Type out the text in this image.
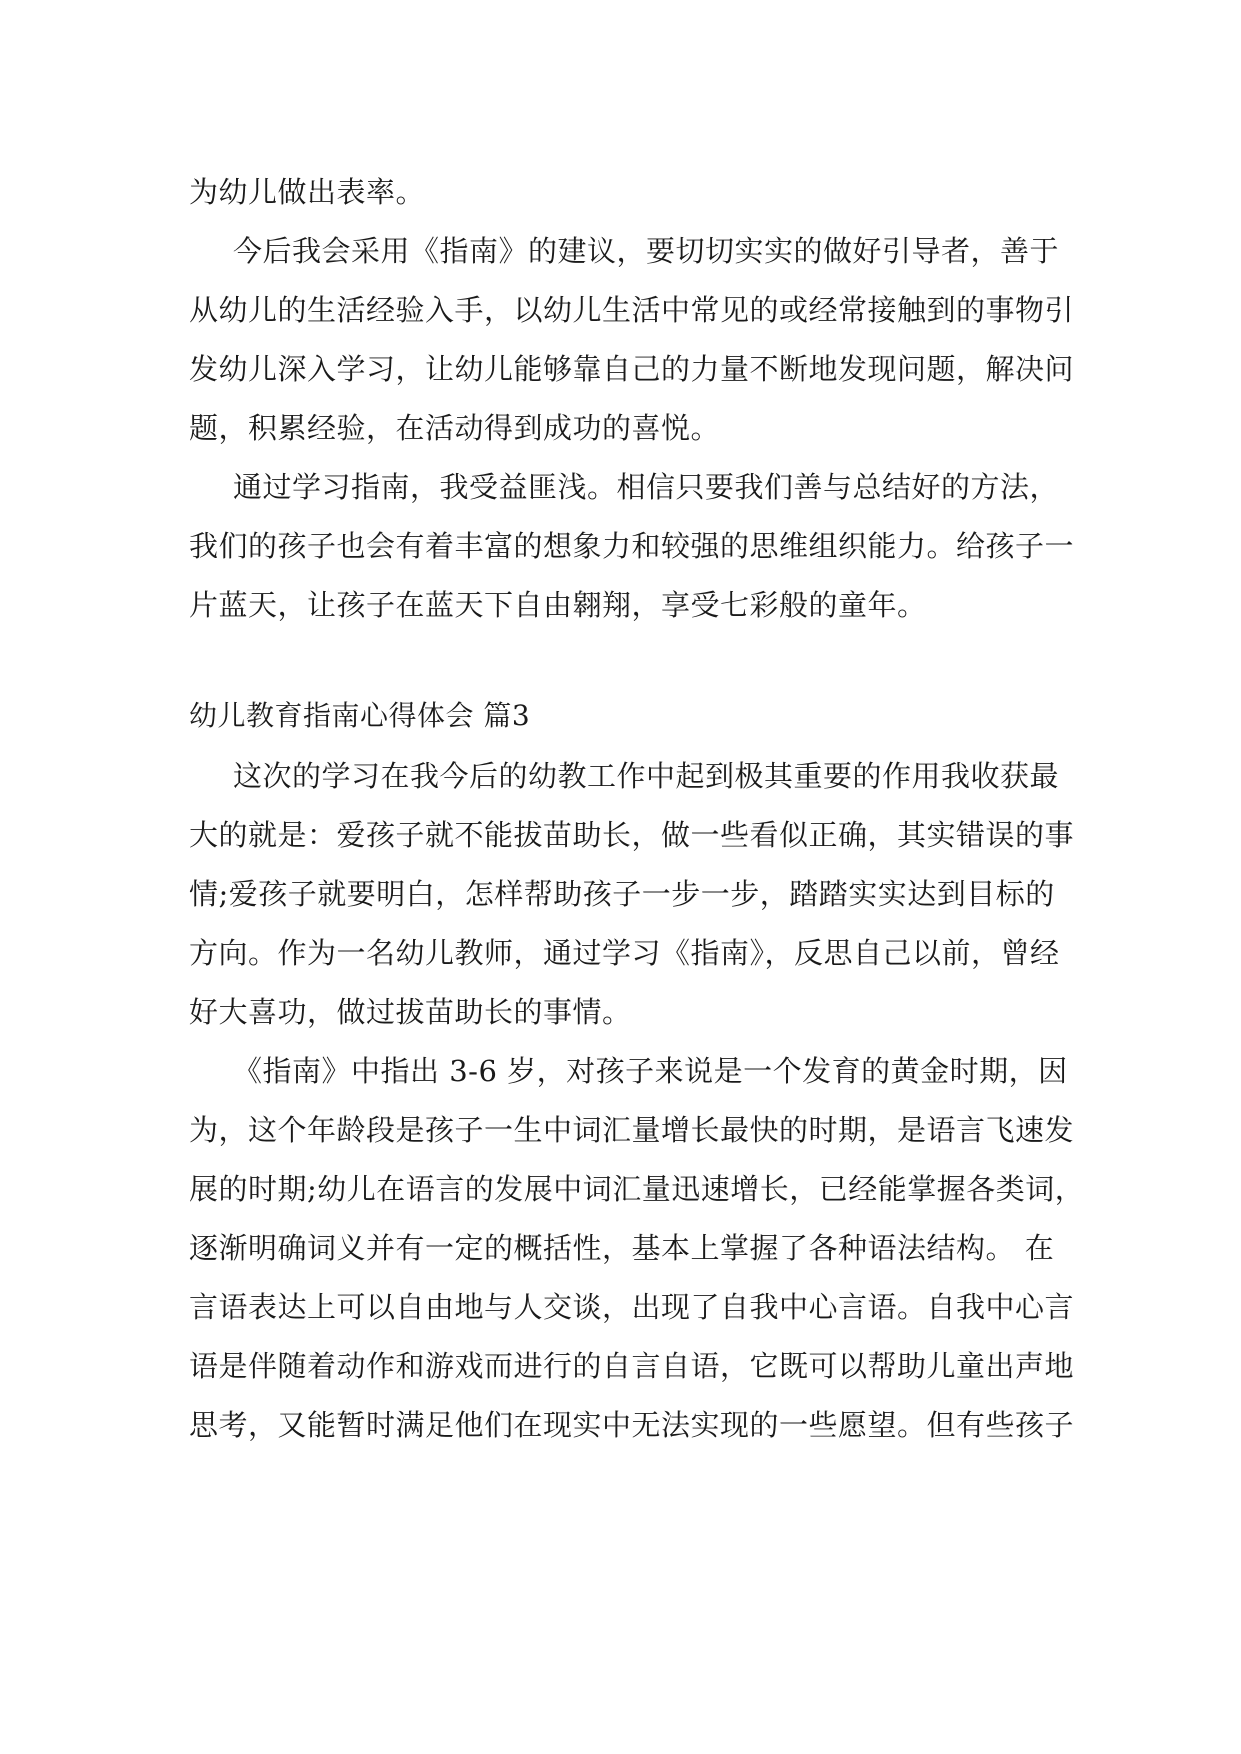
为幼儿做出表率。

今后我会采用《指南》的建议，要切切实实的做好引导者，善于

从幼儿的生活经验入手，以幼儿生活中常见的或经常接触到的事物引

发幼儿深入学习，让幼儿能够靠自己的力量不断地发现问题，解决问

题，积累经验，在活动得到成功的喜悦。

通过学习指南，我受益匪浅。相信只要我们善与总结好的方法，

我们的孩子也会有着丰富的想象力和较强的思维组织能力。给孩子一

片蓝天，让孩子在蓝天下自由翱翔，享受七彩般的童年。

幼儿教育指南心得体会 篇3

这次的学习在我今后的幼教工作中起到极其重要的作用我收获最

大的就是：爱孩子就不能拔苗助长，做一些看似正确，其实错误的事

情;爱孩子就要明白，怎样帮助孩子一步一步，踏踏实实达到目标的

方向。作为一名幼儿教师，通过学习《指南》，反思自己以前，曾经

好大喜功，做过拔苗助长的事情。

《指南》中指出 3-6 岁，对孩子来说是一个发育的黄金时期，因

为，这个年龄段是孩子一生中词汇量增长最快的时期，是语言飞速发

展的时期;幼儿在语言的发展中词汇量迅速增长，已经能掌握各类词，

逐渐明确词义并有一定的概括性，基本上掌握了各种语法结构。 在

言语表达上可以自由地与人交谈，出现了自我中心言语。自我中心言

语是伴随着动作和游戏而进行的自言自语，它既可以帮助儿童出声地

思考，又能暂时满足他们在现实中无法实现的一些愿望。但有些孩子
